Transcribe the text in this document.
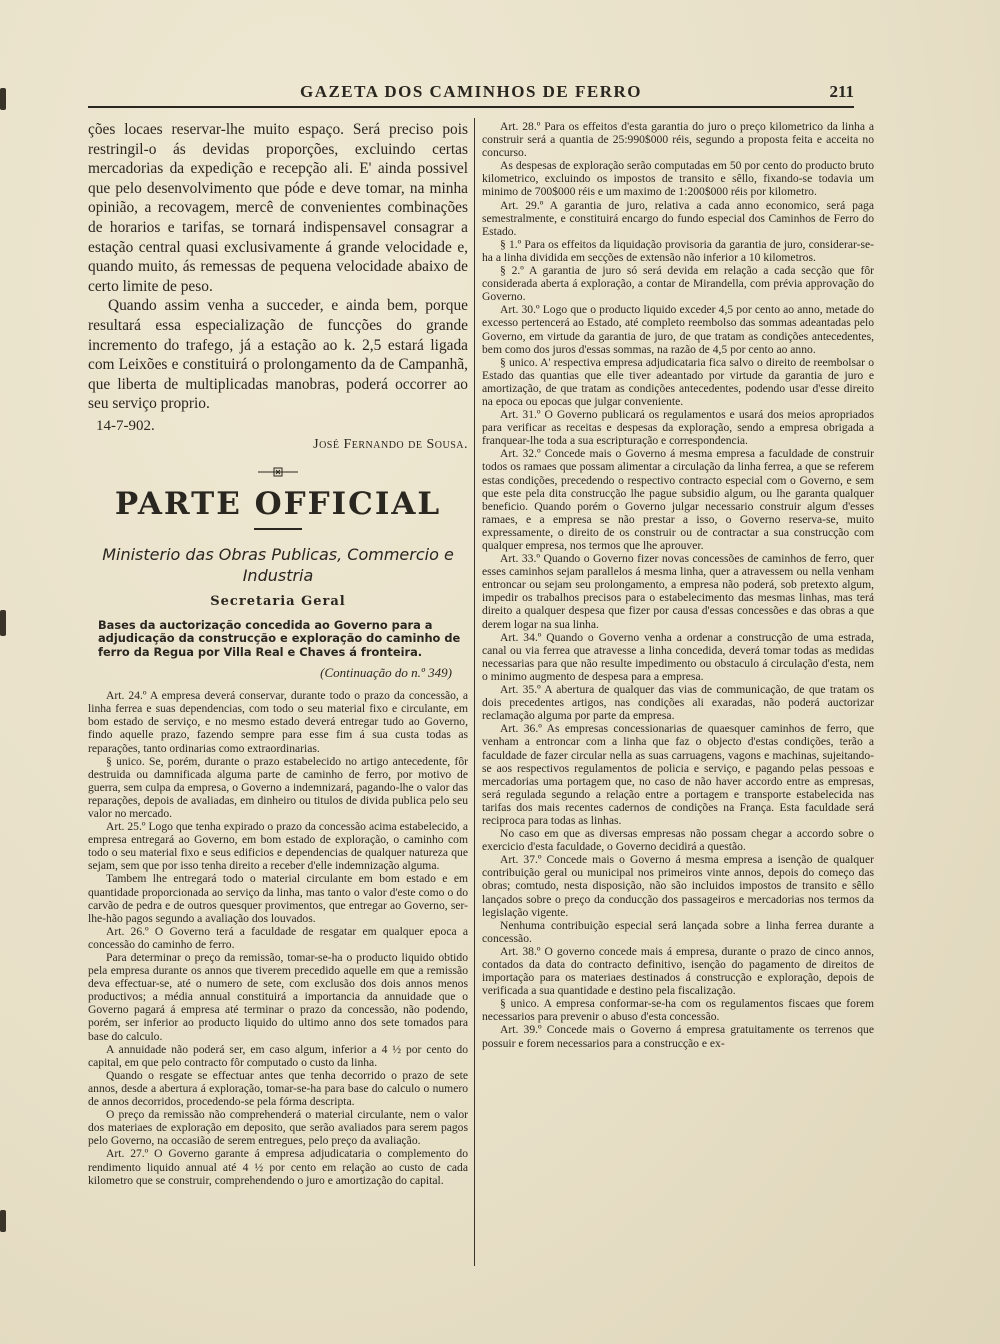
GAZETA DOS CAMINHOS DE FERRO	211

ções locaes reservar-lhe muito espaço. Será preciso pois restringil-o ás devidas proporções, excluindo certas mercadorias da expedição e recepção ali. E' ainda possivel que pelo desenvolvimento que póde e deve tomar, na minha opinião, a recovagem, mercê de convenientes combinações de horarios e tarifas, se tornará indispensavel consagrar a estação central quasi exclusivamente á grande velocidade e, quando muito, ás remessas de pequena velocidade abaixo de certo limite de peso.

Quando assim venha a succeder, e ainda bem, porque resultará essa especialização de funcções do grande incremento do trafego, já a estação ao k. 2,5 estará ligada com Leixões e constituirá o prolongamento da de Campanhã, que liberta de multiplicadas manobras, poderá occorrer ao seu serviço proprio.

14-7-902.
José Fernando de Sousa.
PARTE OFFICIAL
Ministerio das Obras Publicas, Commercio e Industria
Secretaria Geral
Bases da auctorização concedida ao Governo para a adjudicação da construcção e exploração do caminho de ferro da Regua por Villa Real e Chaves á fronteira.
(Continuação do n.º 349)

Art. 24.º A empresa deverá conservar, durante todo o prazo da concessão, a linha ferrea e suas dependencias, com todo o seu material fixo e circulante, em bom estado de serviço, e no mesmo estado deverá entregar tudo ao Governo, findo aquelle prazo, fazendo sempre para esse fim á sua custa todas as reparações, tanto ordinarias como extraordinarias.

§ unico. Se, porém, durante o prazo estabelecido no artigo antecedente, fôr destruida ou damnificada alguma parte de caminho de ferro, por motivo de guerra, sem culpa da empresa, o Governo a indemnizará, pagando-lhe o valor das reparações, depois de avaliadas, em dinheiro ou titulos de divida publica pelo seu valor no mercado.

Art. 25.º Logo que tenha expirado o prazo da concessão acima estabelecido, a empresa entregará ao Governo, em bom estado de exploração, o caminho com todo o seu material fixo e seus edificios e dependencias de qualquer natureza que sejam, sem que por isso tenha direito a receber d'elle indemnização alguma.

Tambem lhe entregará todo o material circulante em bom estado e em quantidade proporcionada ao serviço da linha, mas tanto o valor d'este como o do carvão de pedra e de outros quesquer provimentos, que entregar ao Governo, ser-lhe-hão pagos segundo a avaliação dos louvados.

Art. 26.º O Governo terá a faculdade de resgatar em qualquer epoca a concessão do caminho de ferro.

Para determinar o preço da remissão, tomar-se-ha o producto liquido obtido pela empresa durante os annos que tiverem precedido aquelle em que a remissão deva effectuar-se, até o numero de sete, com exclusão dos dois annos menos productivos; a média annual constituirá a importancia da annuidade que o Governo pagará á empresa até terminar o prazo da concessão, não podendo, porém, ser inferior ao producto liquido do ultimo anno dos sete tomados para base do calculo.

A annuidade não poderá ser, em caso algum, inferior a 4 ½ por cento do capital, em que pelo contracto fôr computado o custo da linha.

Quando o resgate se effectuar antes que tenha decorrido o prazo de sete annos, desde a abertura á exploração, tomar-se-ha para base do calculo o numero de annos decorridos, procedendo-se pela fórma descripta.

O preço da remissão não comprehenderá o material circulante, nem o valor dos materiaes de exploração em deposito, que serão avaliados para serem pagos pelo Governo, na occasião de serem entregues, pelo preço da avaliação.

Art. 27.º O Governo garante á empresa adjudicataria o complemento do rendimento liquido annual até 4 ½ por cento em relação ao custo de cada kilometro que se construir, comprehendendo o juro e amortização do capital.

Art. 28.º Para os effeitos d'esta garantia do juro o preço kilometrico da linha a construir será a quantia de 25:990$000 réis, segundo a proposta feita e acceita no concurso.

As despesas de exploração serão computadas em 50 por cento do producto bruto kilometrico, excluindo os impostos de transito e sêllo, fixando-se todavia um minimo de 700$000 réis e um maximo de 1:200$000 réis por kilometro.

Art. 29.º A garantia de juro, relativa a cada anno economico, será paga semestralmente, e constituirá encargo do fundo especial dos Caminhos de Ferro do Estado.

§ 1.º Para os effeitos da liquidação provisoria da garantia de juro, considerar-se-ha a linha dividida em secções de extensão não inferior a 10 kilometros.

§ 2.º A garantia de juro só será devida em relação a cada secção que fôr considerada aberta á exploração, a contar de Mirandella, com prévia approvação do Governo.

Art. 30.º Logo que o producto liquido exceder 4,5 por cento ao anno, metade do excesso pertencerá ao Estado, até completo reembolso das sommas adeantadas pelo Governo, em virtude da garantia de juro, de que tratam as condições antecedentes, bem como dos juros d'essas sommas, na razão de 4,5 por cento ao anno.

§ unico. A' respectiva empresa adjudicataria fica salvo o direito de reembolsar o Estado das quantias que elle tiver adeantado por virtude da garantia de juro e amortização, de que tratam as condições antecedentes, podendo usar d'esse direito na epoca ou epocas que julgar conveniente.

Art. 31.º O Governo publicará os regulamentos e usará dos meios apropriados para verificar as receitas e despesas da exploração, sendo a empresa obrigada a franquear-lhe toda a sua escripturação e correspondencia.

Art. 32.º Concede mais o Governo á mesma empresa a faculdade de construir todos os ramaes que possam alimentar a circulação da linha ferrea, a que se referem estas condições, precedendo o respectivo contracto especial com o Governo, e sem que este pela dita construcção lhe pague subsidio algum, ou lhe garanta qualquer beneficio. Quando porém o Governo julgar necessario construir algum d'esses ramaes, e a empresa se não prestar a isso, o Governo reserva-se, muito expressamente, o direito de os construir ou de contractar a sua construcção com qualquer empresa, nos termos que lhe aprouver.

Art. 33.º Quando o Governo fizer novas concessões de caminhos de ferro, quer esses caminhos sejam parallelos á mesma linha, quer a atravessem ou nella venham entroncar ou sejam seu prolongamento, a empresa não poderá, sob pretexto algum, impedir os trabalhos precisos para o estabelecimento das mesmas linhas, mas terá direito a qualquer despesa que fizer por causa d'essas concessões e das obras a que derem logar na sua linha.

Art. 34.º Quando o Governo venha a ordenar a construcção de uma estrada, canal ou via ferrea que atravesse a linha concedida, deverá tomar todas as medidas necessarias para que não resulte impedimento ou obstaculo á circulação d'esta, nem o minimo augmento de despesa para a empresa.

Art. 35.º A abertura de qualquer das vias de communicação, de que tratam os dois precedentes artigos, nas condições ali exaradas, não poderá auctorizar reclamação alguma por parte da empresa.

Art. 36.º As empresas concessionarias de quaesquer caminhos de ferro, que venham a entroncar com a linha que faz o objecto d'estas condições, terão a faculdade de fazer circular nella as suas carruagens, vagons e machinas, sujeitando-se aos respectivos regulamentos de policia e serviço, e pagando pelas pessoas e mercadorias uma portagem que, no caso de não haver accordo entre as empresas, será regulada segundo a relação entre a portagem e transporte estabelecida nas tarifas dos mais recentes cadernos de condições na França. Esta faculdade será reciproca para todas as linhas.

No caso em que as diversas empresas não possam chegar a accordo sobre o exercicio d'esta faculdade, o Governo decidirá a questão.

Art. 37.º Concede mais o Governo á mesma empresa a isenção de qualquer contribuição geral ou municipal nos primeiros vinte annos, depois do começo das obras; comtudo, nesta disposição, não são incluidos impostos de transito e sêllo lançados sobre o preço da conducção dos passageiros e mercadorias nos termos da legislação vigente.

Nenhuma contribuição especial será lançada sobre a linha ferrea durante a concessão.

Art. 38.º O governo concede mais á empresa, durante o prazo de cinco annos, contados da data do contracto definitivo, isenção do pagamento de direitos de importação para os materiaes destinados á construcção e exploração, depois de verificada a sua quantidade e destino pela fiscalização.

§ unico. A empresa conformar-se-ha com os regulamentos fiscaes que forem necessarios para prevenir o abuso d'esta concessão.

Art. 39.º Concede mais o Governo á empresa gratuitamente os terrenos que possuir e forem necessarios para a construcção e ex-
